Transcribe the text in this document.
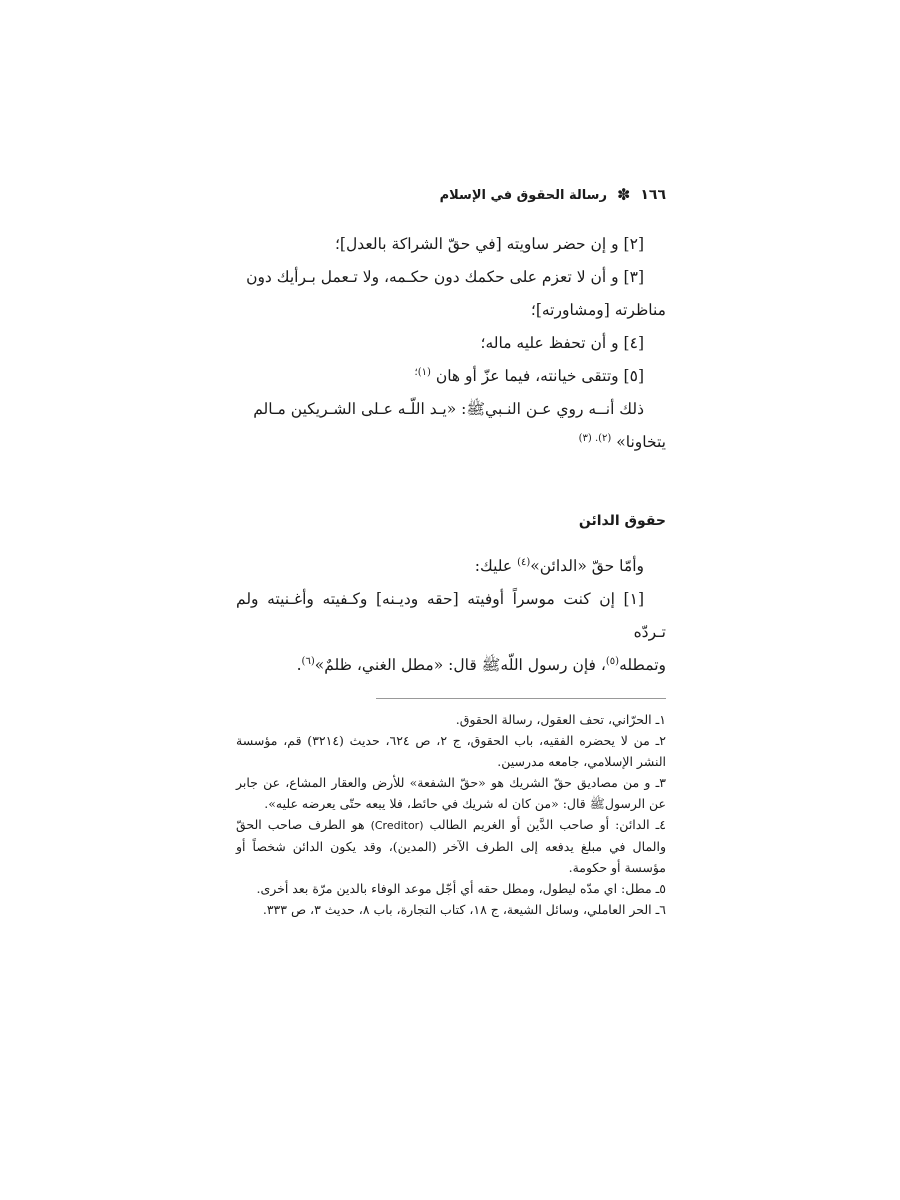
١٦٦
✽
رسالة الحقوق في الإسلام

[٢] و إن حضر ساويته [في حقّ الشراكة بالعدل]؛

[٣] و أن لا تعزم على حكمك دون حكـمه، ولا تـعمل بـرأيك دون

مناظرته [ومشاورته]؛

[٤] و أن تحفظ عليه ماله؛

[٥] وتتقى خيانته، فيما عزّ أو هان $^{(١)؛}$

ذلك أنــه روي عـن النـبيﷺ: «يـد اللّـه عـلى الشـريكين مـالم

يتخاونا» $^{(٢). (٣)}$

حقوق الدائن

وأمّا حقّ «الدائن»$^{(٤)}$ عليك:

[١] إن كنت موسراً أوفيته [حقه وديـنه] وكـفيته وأغـنيته ولم تـردّه

وتمطله$^{(٥)}$، فإن رسول اللّهﷺ قال: «مطل الغني، ظلمٌ»$^{(٦)}$.

١ـ الحرّاني، تحف العقول، رسالة الحقوق.

٢ـ من لا يحضره الفقيه، باب الحقوق، ج ٢، ص ٦٢٤، حديث (٣٢١٤) قم، مؤسسة النشر الإسلامي، جامعه مدرسين.

٣ـ و من مصاديق حقّ الشريك هو «حقّ الشفعة» للأرض والعقار المشاع، عن جابر عن الرسولﷺ قال: «من كان له شريك في حائط، فلا يبعه حتّى يعرضه عليه».

٤ـ الدائن: أو صاحب الدَّين أو الغريم الطالب (Creditor) هو الطرف صاحب الحقّ والمال في مبلغ يدفعه إلى الطرف الآخر (المدين)، وقد يكون الدائن شخصاً أو مؤسسة أو حكومة.

٥ـ مطل: اي مدّه ليطول، ومطل حقه أي أجّل موعد الوفاء بالدين مرّة بعد أخرى.

٦ـ الحر العاملي، وسائل الشيعة، ج ١٨، كتاب التجارة، باب ٨، حديث ٣، ص ٣٣٣.
